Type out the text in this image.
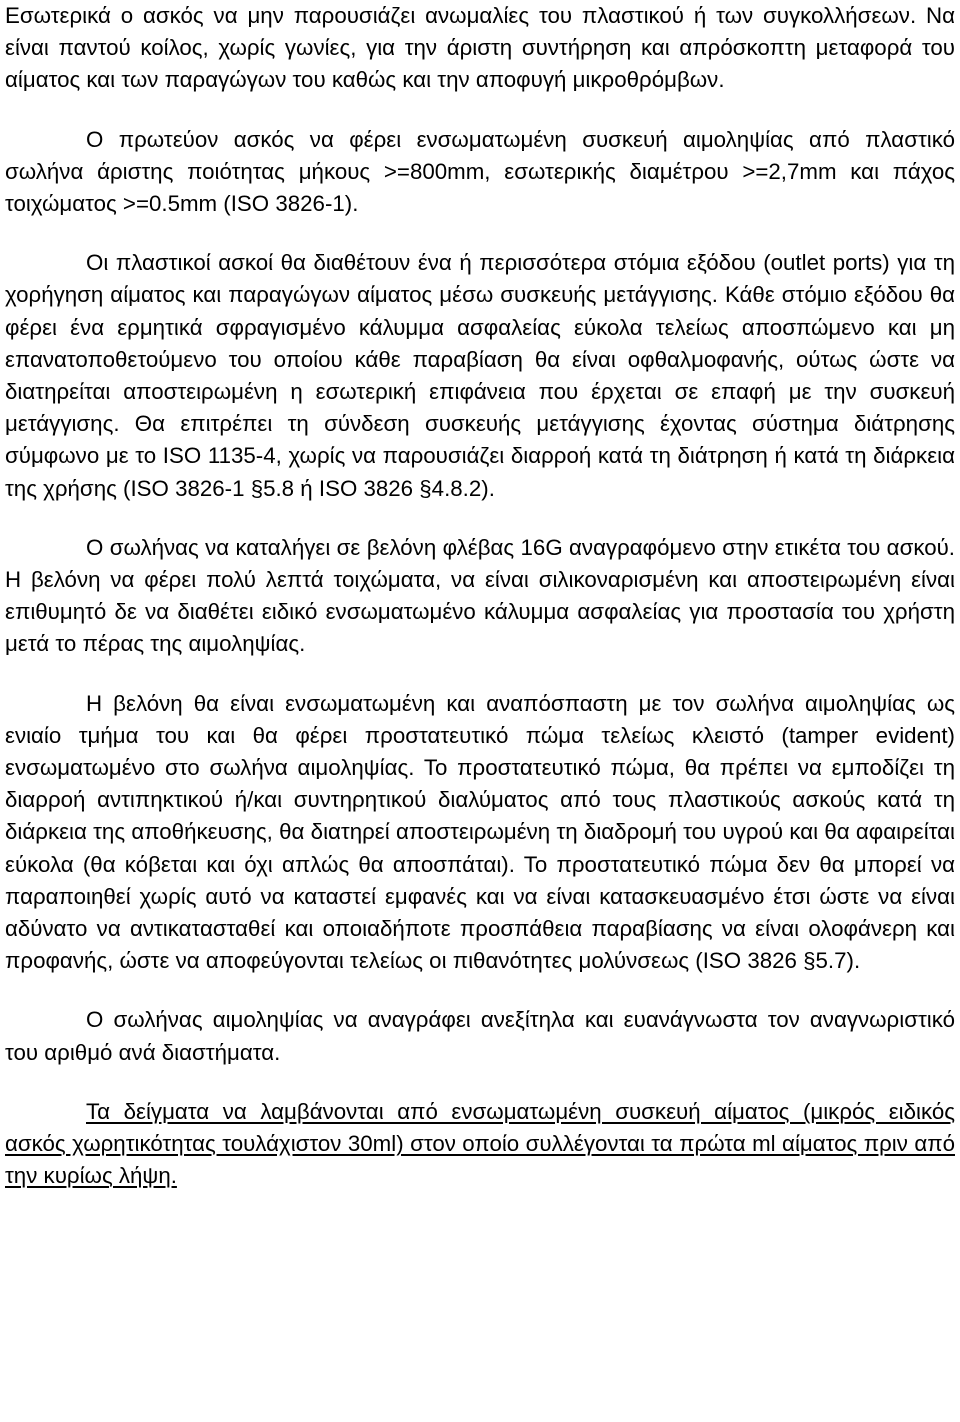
Εσωτερικά ο ασκός να μην παρουσιάζει ανωμαλίες του πλαστικού ή των συγκολλήσεων. Να είναι παντού κοίλος, χωρίς γωνίες, για την άριστη συντήρηση και απρόσκοπτη μεταφορά του αίματος και των παραγώγων του καθώς και την αποφυγή μικροθρόμβων.

Ο πρωτεύον ασκός να φέρει ενσωματωμένη συσκευή αιμοληψίας από πλαστικό σωλήνα άριστης ποιότητας μήκους >=800mm, εσωτερικής διαμέτρου >=2,7mm και πάχος τοιχώματος >=0.5mm (ISO 3826-1).

Οι πλαστικοί ασκοί θα διαθέτουν ένα ή περισσότερα στόμια εξόδου (outlet ports) για τη χορήγηση αίματος και παραγώγων αίματος μέσω συσκευής μετάγγισης. Κάθε στόμιο εξόδου θα φέρει ένα ερμητικά σφραγισμένο κάλυμμα ασφαλείας εύκολα τελείως αποσπώμενο και μη επανατοποθετούμενο του οποίου κάθε παραβίαση θα είναι οφθαλμοφανής, ούτως ώστε να διατηρείται αποστειρωμένη η εσωτερική επιφάνεια που έρχεται σε επαφή με την συσκευή μετάγγισης. Θα επιτρέπει τη σύνδεση συσκευής μετάγγισης έχοντας σύστημα διάτρησης σύμφωνο με το ISO 1135-4, χωρίς να παρουσιάζει διαρροή κατά τη διάτρηση ή κατά τη διάρκεια της χρήσης (ISO 3826-1 §5.8 ή ISO 3826 §4.8.2).

Ο σωλήνας να καταλήγει σε βελόνη φλέβας 16G αναγραφόμενο στην ετικέτα του ασκού. Η βελόνη να φέρει πολύ λεπτά τοιχώματα, να είναι σιλικοναρισμένη και αποστειρωμένη είναι επιθυμητό δε να διαθέτει ειδικό ενσωματωμένο κάλυμμα ασφαλείας για προστασία του χρήστη μετά το πέρας της αιμοληψίας.

Η βελόνη θα είναι ενσωματωμένη και αναπόσπαστη με τον σωλήνα αιμοληψίας ως ενιαίο τμήμα του και θα φέρει προστατευτικό πώμα τελείως κλειστό (tamper evident) ενσωματωμένο στο σωλήνα αιμοληψίας. Το προστατευτικό πώμα, θα πρέπει να εμποδίζει τη διαρροή αντιπηκτικού ή/και συντηρητικού διαλύματος από τους πλαστικούς ασκούς κατά τη διάρκεια της αποθήκευσης, θα διατηρεί αποστειρωμένη τη διαδρομή του υγρού και θα αφαιρείται εύκολα (θα κόβεται και όχι απλώς θα αποσπάται). Το προστατευτικό πώμα δεν θα μπορεί να παραποιηθεί χωρίς αυτό να καταστεί εμφανές και να είναι κατασκευασμένο έτσι ώστε να είναι αδύνατο να αντικατασταθεί και οποιαδήποτε προσπάθεια παραβίασης να είναι ολοφάνερη και προφανής, ώστε να αποφεύγονται τελείως οι πιθανότητες μολύνσεως (ISO 3826 §5.7).

Ο σωλήνας αιμοληψίας να αναγράφει ανεξίτηλα και ευανάγνωστα τον αναγνωριστικό του αριθμό ανά διαστήματα.

Τα δείγματα να λαμβάνονται από ενσωματωμένη συσκευή αίματος (μικρός ειδικός ασκός χωρητικότητας τουλάχιστον 30ml) στον οποίο συλλέγονται τα πρώτα ml αίματος πριν από την κυρίως λήψη.
